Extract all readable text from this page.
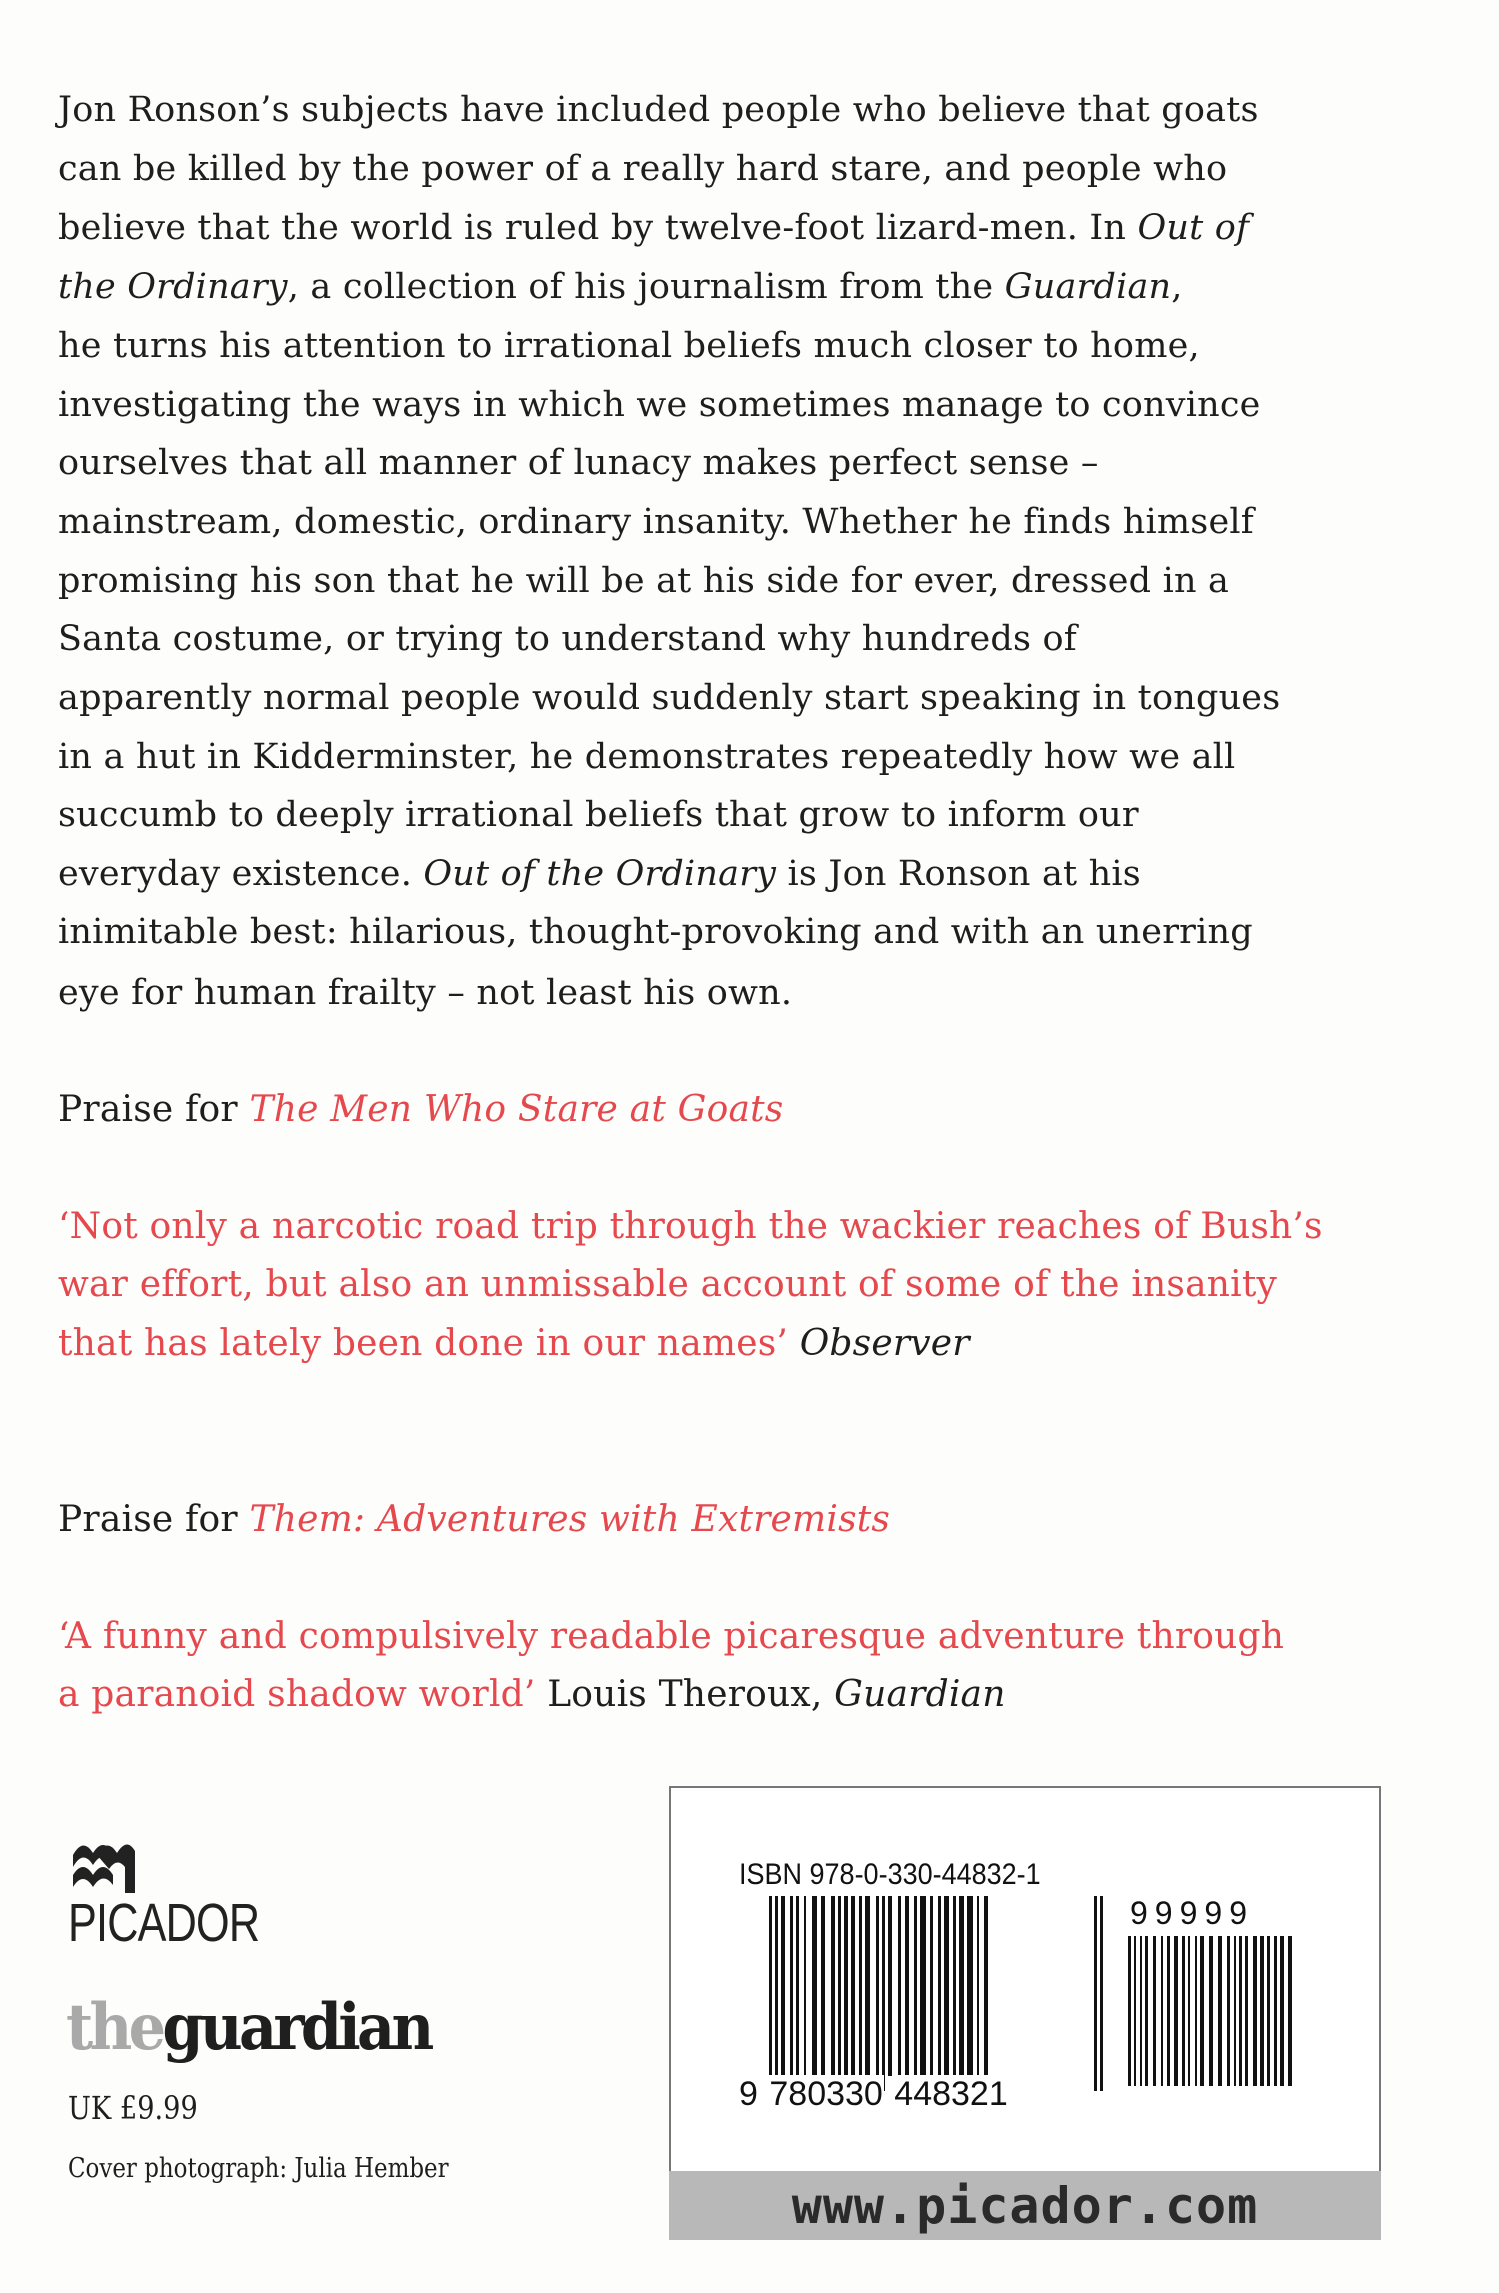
Jon Ronson’s subjects have included people who believe that goats
can be killed by the power of a really hard stare, and people who
believe that the world is ruled by twelve-foot lizard-men. In Out of
the Ordinary, a collection of his journalism from the Guardian,
he turns his attention to irrational beliefs much closer to home,
investigating the ways in which we sometimes manage to convince
ourselves that all manner of lunacy makes perfect sense –
mainstream, domestic, ordinary insanity. Whether he finds himself
promising his son that he will be at his side for ever, dressed in a
Santa costume, or trying to understand why hundreds of
apparently normal people would suddenly start speaking in tongues
in a hut in Kidderminster, he demonstrates repeatedly how we all
succumb to deeply irrational beliefs that grow to inform our
everyday existence. Out of the Ordinary is Jon Ronson at his
inimitable best: hilarious, thought-provoking and with an unerring
eye for human frailty – not least his own.
Praise for The Men Who Stare at Goats
‘Not only a narcotic road trip through the wackier reaches of Bush’s
war effort, but also an unmissable account of some of the insanity
that has lately been done in our names’ Observer
Praise for Them: Adventures with Extremists
‘A funny and compulsively readable picaresque adventure through
a paranoid shadow world’ Louis Theroux, Guardian
PICADOR
theguardian
UK £9.99
Cover photograph: Julia Hember
ISBN 978-0-330-44832-1
99999
9 780330 448321
www.picador.com
